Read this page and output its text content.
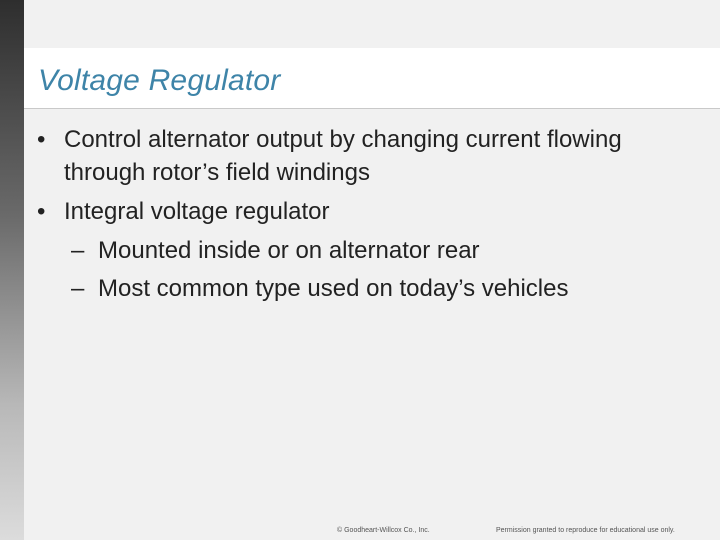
Voltage Regulator
• Control alternator output by changing current flowing through rotor’s field windings
• Integral voltage regulator
– Mounted inside or on alternator rear
– Most common type used on today’s vehicles
© Goodheart-Willcox Co., Inc.	Permission granted to reproduce for educational use only.
